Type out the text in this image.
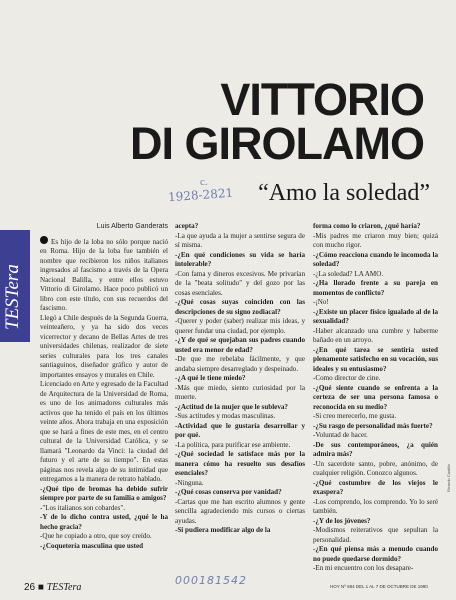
VITTORIO
DI GIROLAMO
c.
1928-2821 “Amo la soledad”
TESTera
Luis Alberto Ganderats

Es hijo de la loba no sólo porque nació en Roma. Hijo de la loba fue también el nombre que recibieron los niños italianos ingresados al fascismo a través de la Opera Nacional Balilla, y entre ellos estuvo Vittorio di Girolamo. Hace poco publicó un libro con este título, con sus recuerdos del fascismo.

Llegó a Chile después de la Segunda Guerra, veinteañero, y ya ha sido dos veces vicerrector y decano de Bellas Artes de tres universidades chilenas, realizador de siete series culturales para los tres canales santiaguinos, diseñador gráfico y autor de importantes ensayos y murales en Chile.

Licenciado en Arte y egresado de la Facultad de Arquitectura de la Universidad de Roma, es uno de los animadores culturales más activos que ha tenido el país en los últimos veinte años. Ahora trabaja en una exposición que se hará a fines de este mes, en el centro cultural de la Universidad Católica, y se llamará "Leonardo da Vinci: la ciudad del futuro y el arte de su tiempo". En estas páginas nos revela algo de su intimidad que entregamos a la manera de retrato hablado.

-¿Qué tipo de bromas ha debido sufrir siempre por parte de su familia o amigos?

-"Los italianos son cobardes".

-Y de lo dicho contra usted, ¿qué le ha hecho gracia?

-Que he copiado a otro, que soy creído.

-¿Coquetería masculina que usted

acepta?

-La que ayuda a la mujer a sentirse segura de sí misma.

-¿En qué condiciones su vida se haría intolerable?

-Con fama y dineros excesivos. Me privarían de la "beata solitudo" y del gozo por las cosas esenciales.

-¿Qué cosas suyas coinciden con las descripciones de su signo zodiacal?

-Querer y poder (saber) realizar mis ideas, y querer fundar una ciudad, por ejemplo.

-¿Y de qué se quejaban sus padres cuando usted era menor de edad?

-De que me rebelaba fácilmente, y que andaba siempre desarreglado y despeinado.

-¿A qué le tiene miedo?

-Más que miedo, siento curiosidad por la muerte.

-¿Actitud de la mujer que le subleva?

-Sus actitudes y modas masculinas.

-Actividad que le gustaría desarrollar y por qué.

-La política, para purificar ese ambiente.

-¿Qué sociedad le satisface más por la manera cómo ha resuelto sus desafíos esenciales?

-Ninguna.

-¿Qué cosas conserva por vanidad?

-Cartas que me han escrito alumnos y gente sencilla agradeciendo mis cursos o ciertas ayudas.

-Si pudiera modificar algo de la

forma como lo criaron, ¿qué haría?

-Mis padres me criaron muy bien; quizá con mucho rigor.

-¿Cómo reacciona cuando le incomoda la soledad?

-¿La soledad? LA AMO.

-¿Ha llorado frente a su pareja en momentos de conflicto?

-¡No!

-¿Existe un placer físico igualado al de la sexualidad?

-Haber alcanzado una cumbre y haberme bañado en un arroyo.

-¿En qué tarea se sentiría usted plenamente satisfecho en su vocación, sus ideales y su entusiasmo?

-Como director de cine.

-¿Qué siente cuando se enfrenta a la certeza de ser una persona famosa o reconocida en su medio?

-Si creo merecerlo, me gusta.

-¿Su rasgo de personalidad más fuerte?

-Voluntad de hacer.

-De sus contemporáneos, ¿a quién admira más?

-Un sacerdote santo, pobre, anónimo, de cualquier religión. Conozco algunos.

-¿Qué costumbre de los viejos le exaspera?

-Los comprendo, los comprendo. Yo lo seré también.

-¿Y de los jóvenes?

-Modismos reiterativos que sepultan la personalidad.

-¿En qué piensa más a menudo cuando no puede quedarse dormido?

-En mi encuentro con los desapare-

26 ■ TESTera
000181542	HOY Nº 684 DEL 1 AL 7 DE OCTUBRE DE 1990
Ricardo Castillo
